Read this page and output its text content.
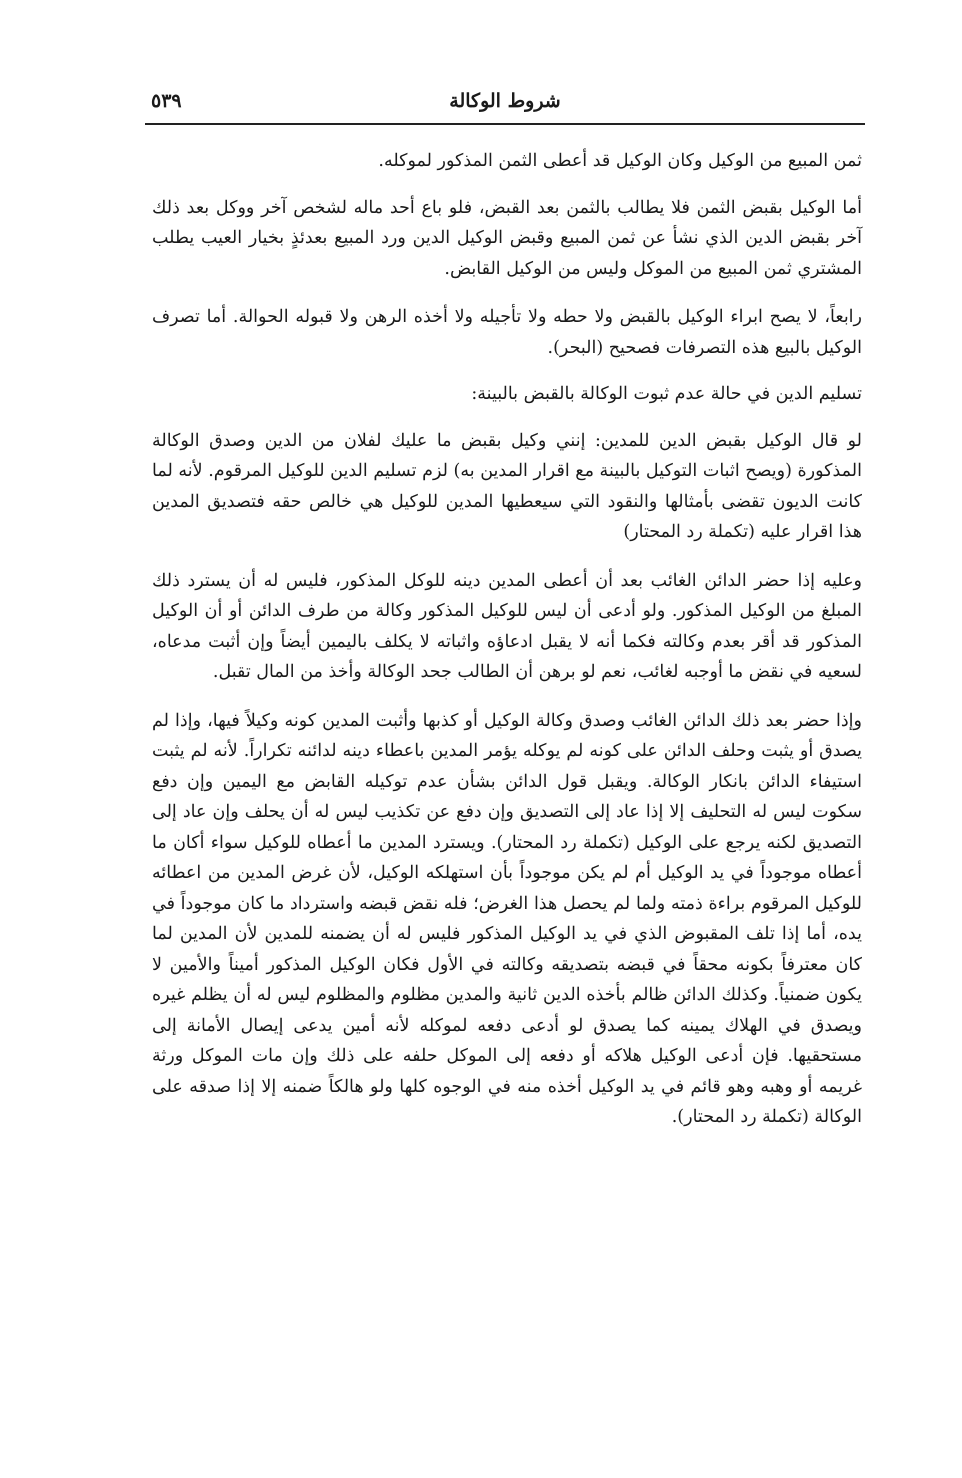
شروط الوكالة
٥٣٩

ثمن المبيع من الوكيل وكان الوكيل قد أعطى الثمن المذكور لموكله.

أما الوكيل بقبض الثمن فلا يطالب بالثمن بعد القبض، فلو باع أحد ماله لشخص آخر ووكل بعد ذلك آخر بقبض الدين الذي نشأ عن ثمن المبيع وقبض الوكيل الدين ورد المبيع بعدئذٍ بخيار العيب يطلب المشتري ثمن المبيع من الموكل وليس من الوكيل القابض.

رابعاً، لا يصح ابراء الوكيل بالقبض ولا حطه ولا تأجيله ولا أخذه الرهن ولا قبوله الحوالة. أما تصرف الوكيل بالبيع هذه التصرفات فصحيح (البحر).

تسليم الدين في حالة عدم ثبوت الوكالة بالقبض بالبينة:

لو قال الوكيل بقبض الدين للمدين: إنني وكيل بقبض ما عليك لفلان من الدين وصدق الوكالة المذكورة (ويصح اثبات التوكيل بالبينة مع اقرار المدين به) لزم تسليم الدين للوكيل المرقوم. لأنه لما كانت الديون تقضى بأمثالها والنقود التي سيعطيها المدين للوكيل هي خالص حقه فتصديق المدين هذا اقرار عليه (تكملة رد المحتار)

وعليه إذا حضر الدائن الغائب بعد أن أعطى المدين دينه للوكل المذكور، فليس له أن يسترد ذلك المبلغ من الوكيل المذكور. ولو أدعى أن ليس للوكيل المذكور وكالة من طرف الدائن أو أن الوكيل المذكور قد أقر بعدم وكالته فكما أنه لا يقبل ادعاؤه واثباته لا يكلف باليمين أيضاً وإن أثبت مدعاه، لسعيه في نقض ما أوجبه لغائب، نعم لو برهن أن الطالب جحد الوكالة وأخذ من المال تقبل.

وإذا حضر بعد ذلك الدائن الغائب وصدق وكالة الوكيل أو كذبها وأثبت المدين كونه وكيلاً فيها، وإذا لم يصدق أو يثبت وحلف الدائن على كونه لم يوكله يؤمر المدين باعطاء دينه لدائنه تكراراً. لأنه لم يثبت استيفاء الدائن بانكار الوكالة. ويقبل قول الدائن بشأن عدم توكيله القابض مع اليمين وإن دفع سكوت ليس له التحليف إلا إذا عاد إلى التصديق وإن دفع عن تكذيب ليس له أن يحلف وإن عاد إلى التصديق لكنه يرجع على الوكيل (تكملة رد المحتار). ويسترد المدين ما أعطاه للوكيل سواء أكان ما أعطاه موجوداً في يد الوكيل أم لم يكن موجوداً بأن استهلكه الوكيل، لأن غرض المدين من اعطائه للوكيل المرقوم براءة ذمته ولما لم يحصل هذا الغرض؛ فله نقض قبضه واسترداد ما كان موجوداً في يده، أما إذا تلف المقبوض الذي في يد الوكيل المذكور فليس له أن يضمنه للمدين لأن المدين لما كان معترفاً بكونه محقاً في قبضه بتصديقه وكالته في الأول فكان الوكيل المذكور أميناً والأمين لا يكون ضمنياً. وكذلك الدائن ظالم بأخذه الدين ثانية والمدين مظلوم والمظلوم ليس له أن يظلم غيره ويصدق في الهلاك يمينه كما يصدق لو أدعى دفعه لموكله لأنه أمين يدعى إيصال الأمانة إلى مستحقيها. فإن أدعى الوكيل هلاكه أو دفعه إلى الموكل حلفه على ذلك وإن مات الموكل ورثة غريمه أو وهبه وهو قائم في يد الوكيل أخذه منه في الوجوه كلها ولو هالكاً ضمنه إلا إذا صدقه على الوكالة (تكملة رد المحتار).
